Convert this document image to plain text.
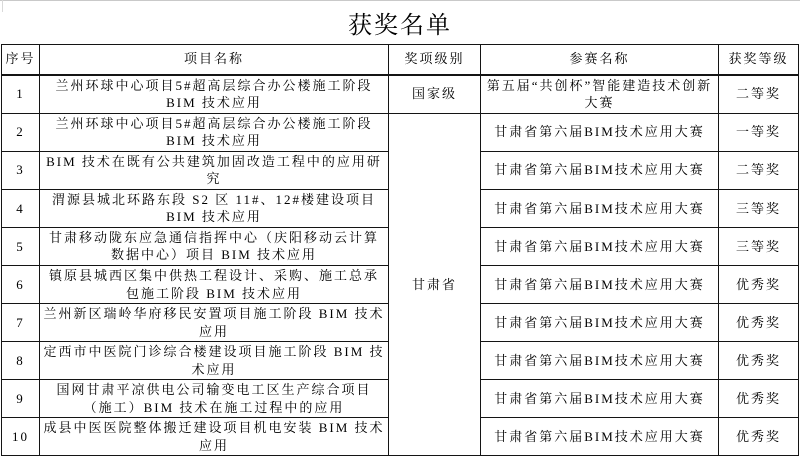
获奖名单
序号	项目名称	奖项级别	参赛名称	获奖等级
1	兰州环球中心项目5#超高层综合办公楼施工阶段BIM 技术应用	国家级	第五届“共创杯”智能建造技术创新大赛	二等奖
2	兰州环球中心项目5#超高层综合办公楼施工阶段BIM 技术应用	甘肃省	甘肃省第六届BIM技术应用大赛	一等奖
3	BIM 技术在既有公共建筑加固改造工程中的应用研究		甘肃省第六届BIM技术应用大赛	二等奖
4	渭源县城北环路东段 S2 区 11#、12#楼建设项目BIM 技术应用		甘肃省第六届BIM技术应用大赛	三等奖
5	甘肃移动陇东应急通信指挥中心（庆阳移动云计算数据中心）项目 BIM 技术应用		甘肃省第六届BIM技术应用大赛	三等奖
6	镇原县城西区集中供热工程设计、采购、施工总承包施工阶段 BIM 技术应用		甘肃省第六届BIM技术应用大赛	优秀奖
7	兰州新区瑞岭华府移民安置项目施工阶段 BIM 技术应用		甘肃省第六届BIM技术应用大赛	优秀奖
8	定西市中医院门诊综合楼建设项目施工阶段 BIM 技术应用		甘肃省第六届BIM技术应用大赛	优秀奖
9	国网甘肃平凉供电公司输变电工区生产综合项目（施工）BIM 技术在施工过程中的应用		甘肃省第六届BIM技术应用大赛	优秀奖
10	成县中医医院整体搬迁建设项目机电安装 BIM 技术应用		甘肃省第六届BIM技术应用大赛	优秀奖
